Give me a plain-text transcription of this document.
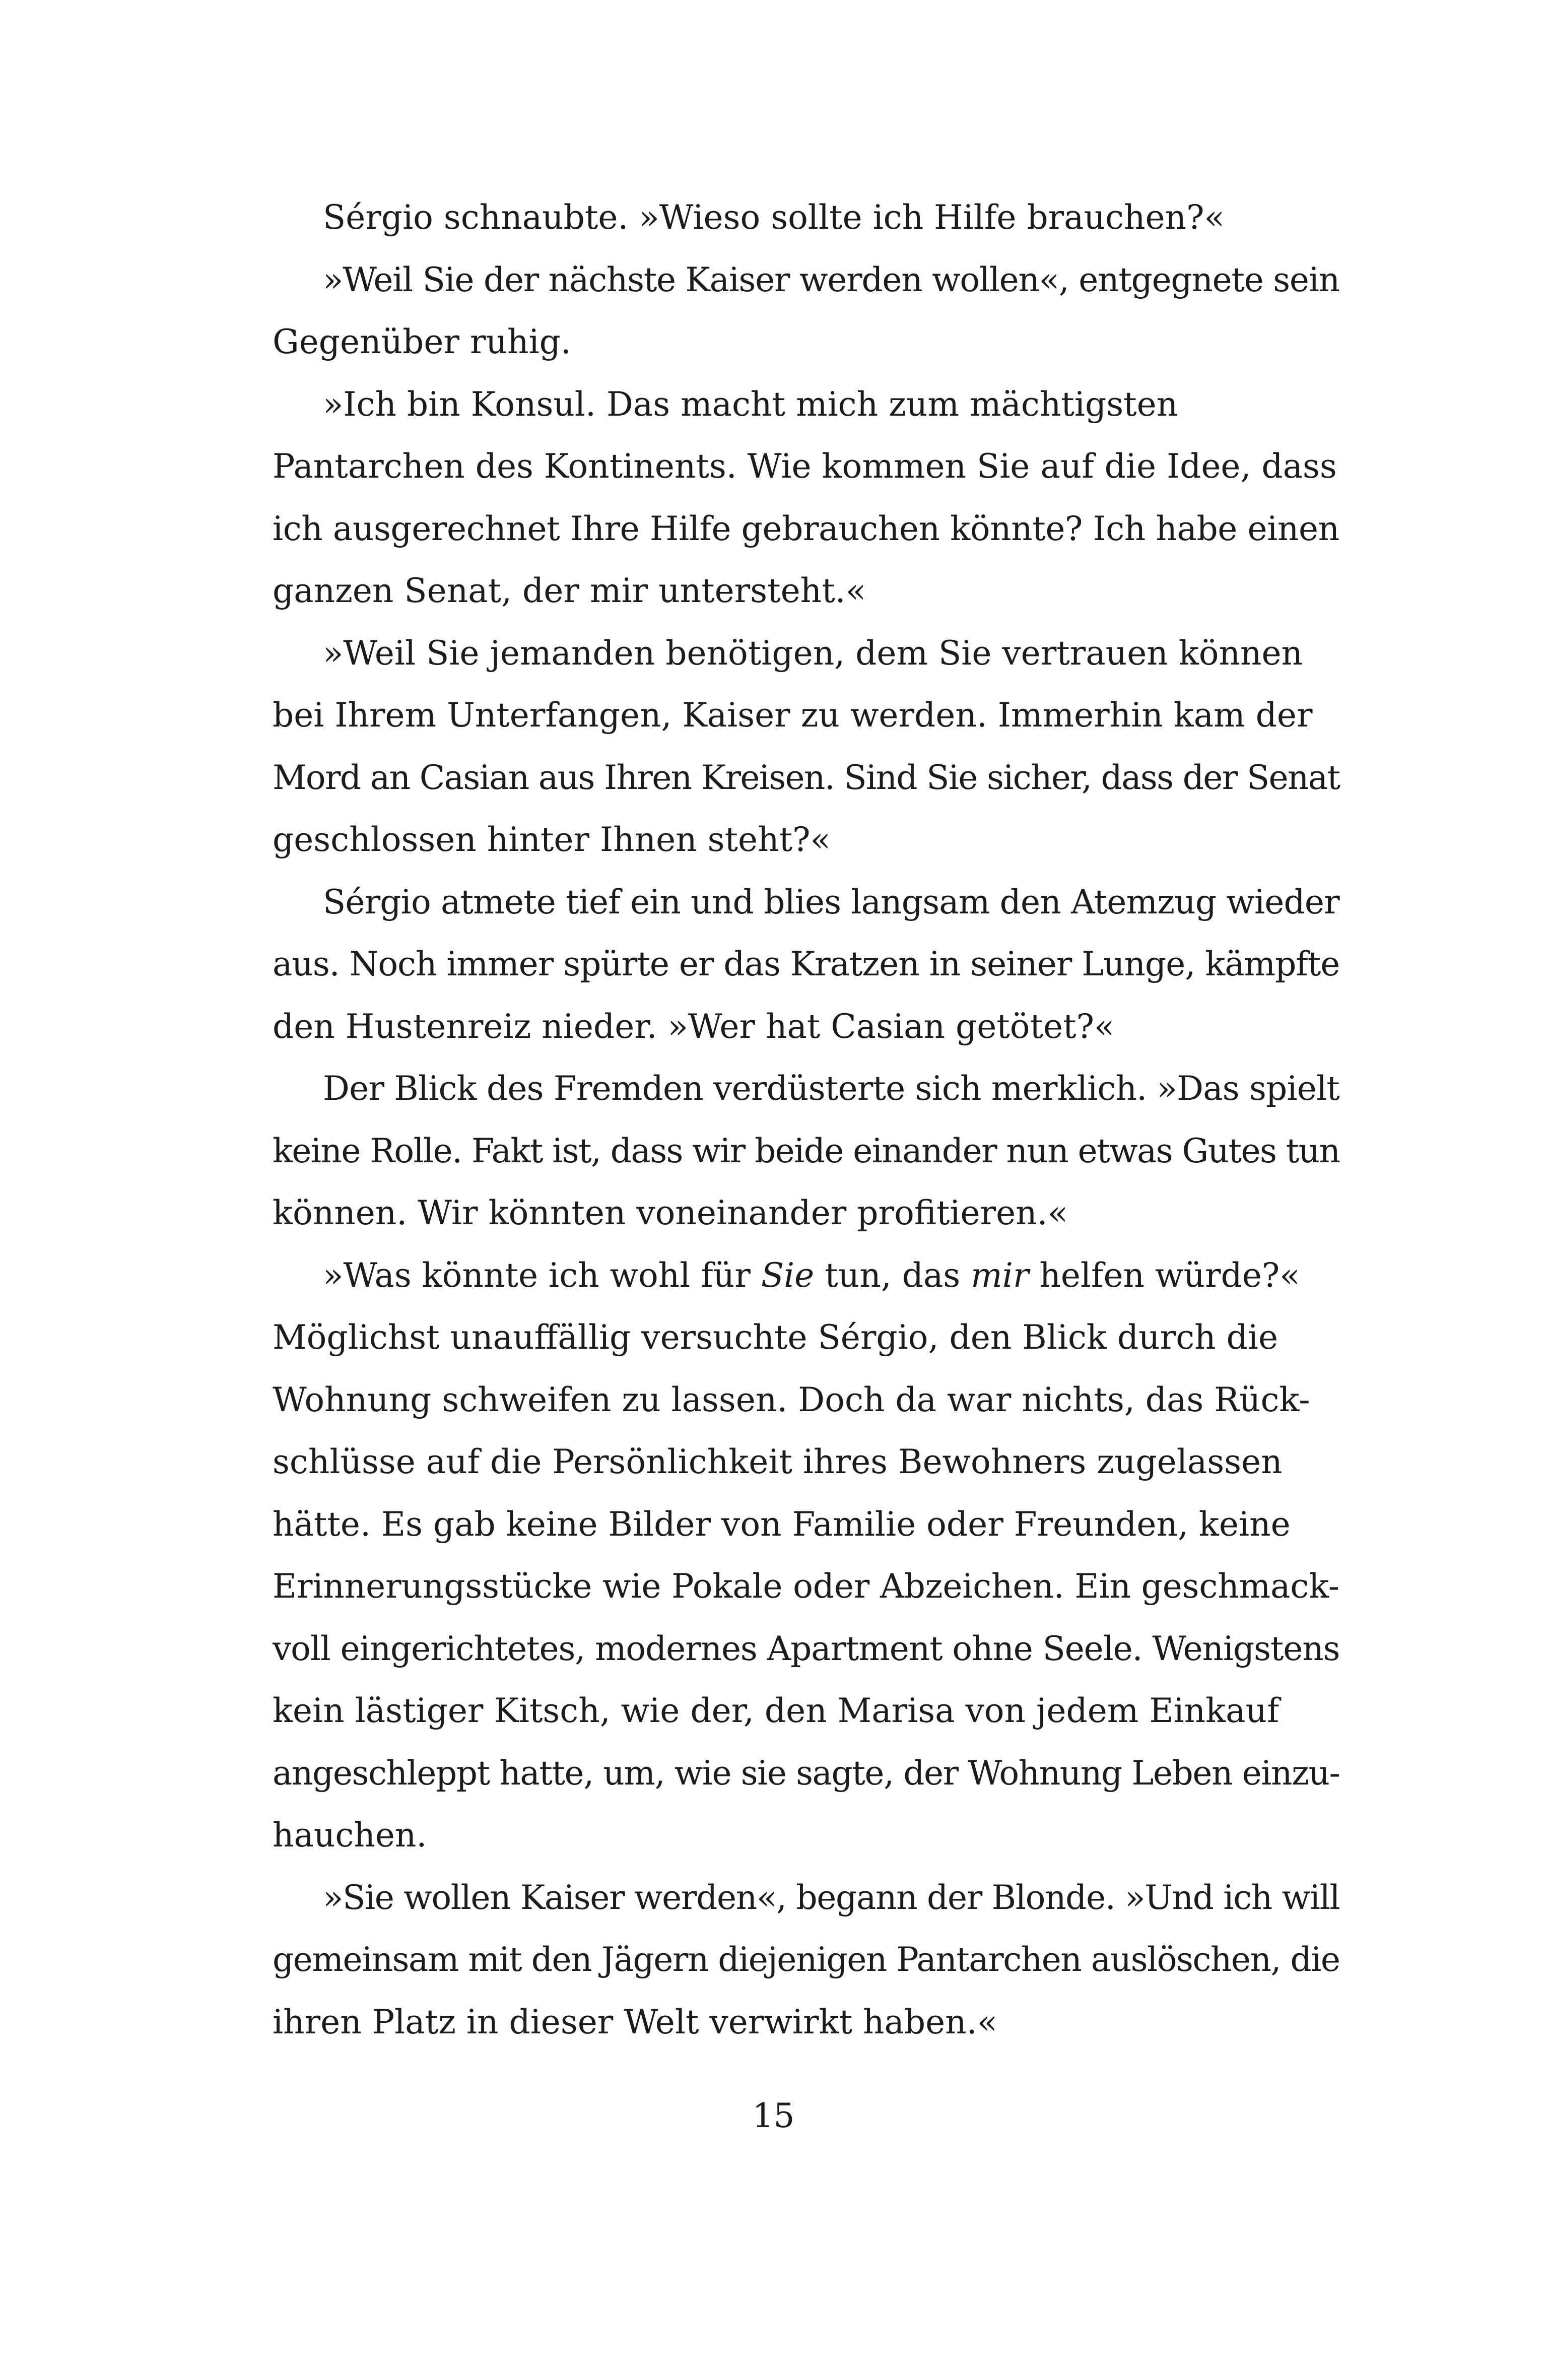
Sérgio schnaubte. »Wieso sollte ich Hilfe brauchen?«

»Weil Sie der nächste Kaiser werden wollen«, entgegnete sein
Gegenüber ruhig.

»Ich bin Konsul. Das macht mich zum mächtigsten
Pantarchen des Kontinents. Wie kommen Sie auf die Idee, dass
ich ausgerechnet Ihre Hilfe gebrauchen könnte? Ich habe einen
ganzen Senat, der mir untersteht.«

»Weil Sie jemanden benötigen, dem Sie vertrauen können
bei Ihrem Unterfangen, Kaiser zu werden. Immerhin kam der
Mord an Casian aus Ihren Kreisen. Sind Sie sicher, dass der Senat
geschlossen hinter Ihnen steht?«

Sérgio atmete tief ein und blies langsam den Atemzug wieder
aus. Noch immer spürte er das Kratzen in seiner Lunge, kämpfte
den Hustenreiz nieder. »Wer hat Casian getötet?«

Der Blick des Fremden verdüsterte sich merklich. »Das spielt
keine Rolle. Fakt ist, dass wir beide einander nun etwas Gutes tun
können. Wir könnten voneinander profitieren.«

»Was könnte ich wohl für Sie tun, das mir helfen würde?«
Möglichst unauffällig versuchte Sérgio, den Blick durch die
Wohnung schweifen zu lassen. Doch da war nichts, das Rück-
schlüsse auf die Persönlichkeit ihres Bewohners zugelassen
hätte. Es gab keine Bilder von Familie oder Freunden, keine
Erinnerungsstücke wie Pokale oder Abzeichen. Ein geschmack-
voll eingerichtetes, modernes Apartment ohne Seele. Wenigstens
kein lästiger Kitsch, wie der, den Marisa von jedem Einkauf
angeschleppt hatte, um, wie sie sagte, der Wohnung Leben einzu-
hauchen.

»Sie wollen Kaiser werden«, begann der Blonde. »Und ich will
gemeinsam mit den Jägern diejenigen Pantarchen auslöschen, die
ihren Platz in dieser Welt verwirkt haben.«

15
